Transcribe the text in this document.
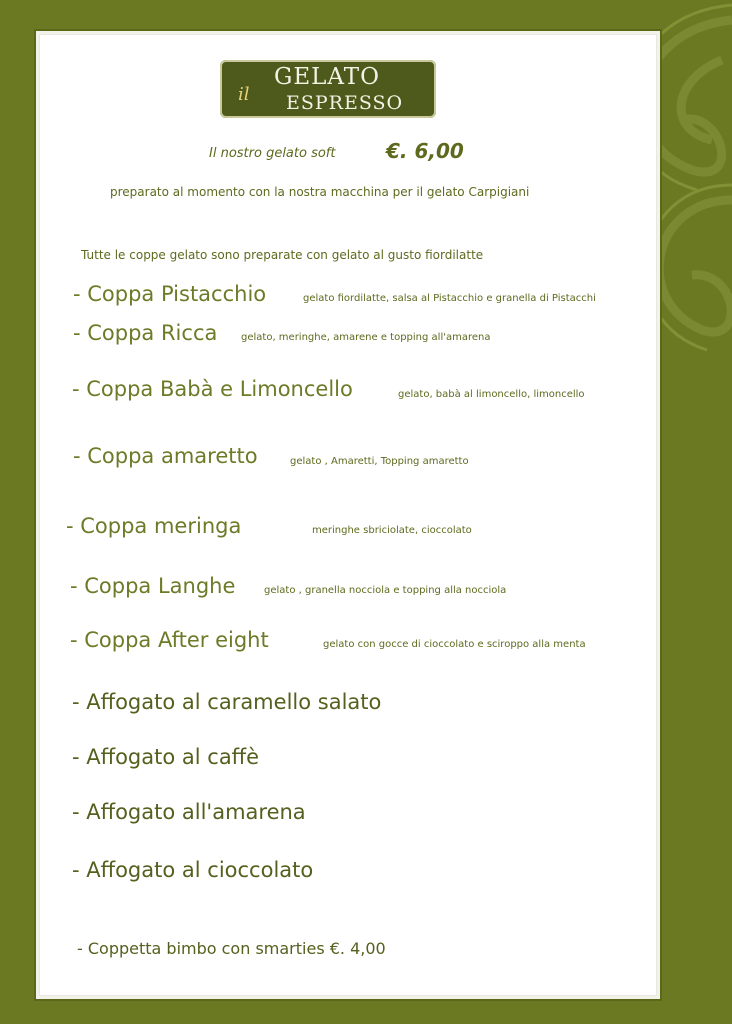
il
GELATO
ESPRESSO
Il nostro gelato soft	€. 6,00
preparato al momento con la nostra macchina per il gelato Carpigiani
Tutte le coppe gelato sono preparate con gelato al gusto fiordilatte
- Coppa Pistacchio	gelato fiordilatte, salsa al Pistacchio e granella di Pistacchi
- Coppa Ricca gelato, meringhe, amarene e topping all'amarena
- Coppa Babà e Limoncello	gelato, babà al limoncello, limoncello
- Coppa amaretto	gelato , Amaretti, Topping amaretto
- Coppa meringa	meringhe sbriciolate, cioccolato
- Coppa Langhe	gelato , granella nocciola e topping alla nocciola
- Coppa After eight	gelato con gocce di cioccolato e sciroppo alla menta
- Affogato al caramello salato
- Affogato al caffè
- Affogato all'amarena
- Affogato al cioccolato
- Coppetta bimbo con smarties €. 4,00
